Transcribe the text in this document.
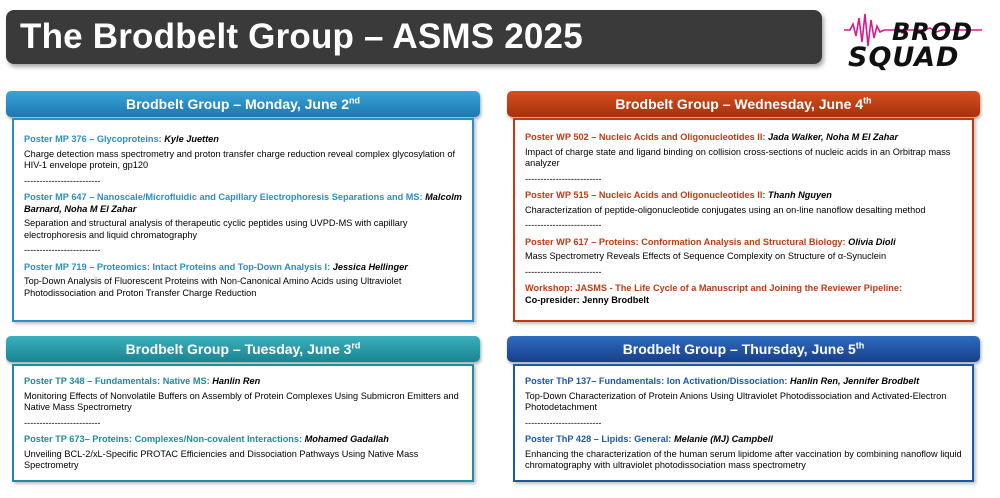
The Brodbelt Group – ASMS 2025	BROD
SQUAD
Brodbelt Group – Monday, June 2nd
Poster MP 376 – Glycoproteins: Kyle Juetten
Charge detection mass spectrometry and proton transfer charge reduction reveal complex glycosylation of HIV-1 envelope protein, gp120
-------------------------
Poster MP 647 – Nanoscale/Microfluidic and Capillary Electrophoresis Separations and MS: Malcolm Barnard, Noha M El Zahar
Separation and structural analysis of therapeutic cyclic peptides using UVPD-MS with capillary electrophoresis and liquid chromatography
-------------------------
Poster MP 719 – Proteomics: Intact Proteins and Top-Down Analysis I: Jessica Hellinger
Top-Down Analysis of Fluorescent Proteins with Non-Canonical Amino Acids using Ultraviolet Photodissociation and Proton Transfer Charge Reduction
Brodbelt Group – Tuesday, June 3rd
Poster TP 348 – Fundamentals: Native MS: Hanlin Ren
Monitoring Effects of Nonvolatile Buffers on Assembly of Protein Complexes Using Submicron Emitters and Native Mass Spectrometry
-------------------------
Poster TP 673– Proteins: Complexes/Non-covalent Interactions: Mohamed Gadallah
Unveiling BCL-2/xL-Specific PROTAC Efficiencies and Dissociation Pathways Using Native Mass Spectrometry
Brodbelt Group – Wednesday, June 4th
Poster WP 502 – Nucleic Acids and Oligonucleotides II: Jada Walker, Noha M El Zahar
Impact of charge state and ligand binding on collision cross-sections of nucleic acids in an Orbitrap mass analyzer
-------------------------
Poster WP 515 – Nucleic Acids and Oligonucleotides II: Thanh Nguyen
Characterization of peptide-oligonucleotide conjugates using an on-line nanoflow desalting method
-------------------------
Poster WP 617 – Proteins: Conformation Analysis and Structural Biology: Olivia Dioli
Mass Spectrometry Reveals Effects of Sequence Complexity on Structure of α-Synuclein
-------------------------
Workshop: JASMS - The Life Cycle of a Manuscript and Joining the Reviewer Pipeline:
Co-presider: Jenny Brodbelt
Brodbelt Group – Thursday, June 5th
Poster ThP 137– Fundamentals: Ion Activation/Dissociation: Hanlin Ren, Jennifer Brodbelt
Top-Down Characterization of Protein Anions Using Ultraviolet Photodissociation and Activated-Electron Photodetachment
-------------------------
Poster ThP 428 – Lipids: General: Melanie (MJ) Campbell
Enhancing the characterization of the human serum lipidome after vaccination by combining nanoflow liquid chromatography with ultraviolet photodissociation mass spectrometry
